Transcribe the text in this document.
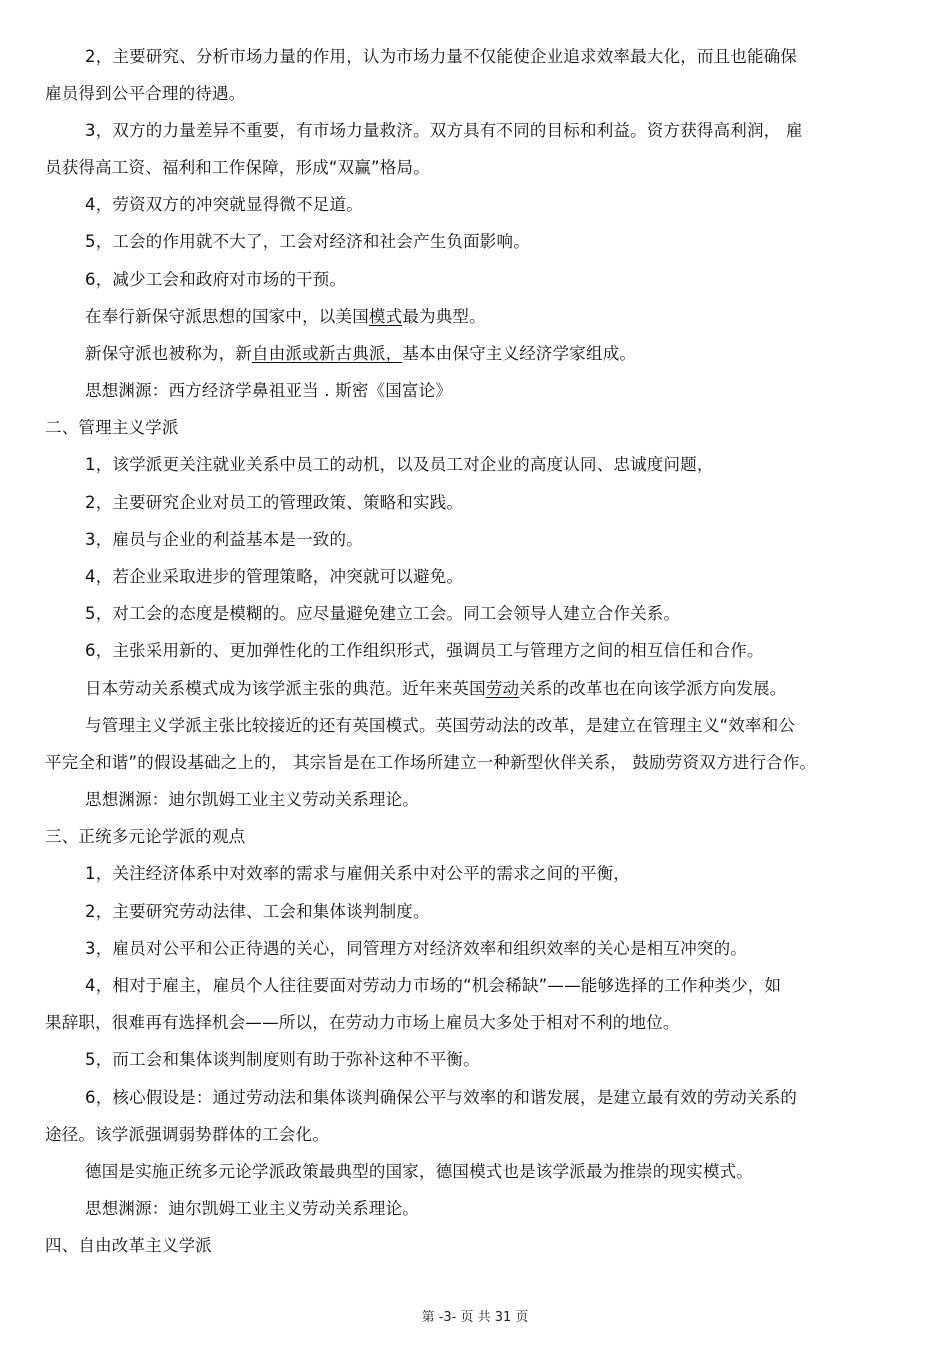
2，主要研究、分析市场力量的作用，认为市场力量不仅能使企业追求效率最大化，而且也能确保
雇员得到公平合理的待遇。
3，双方的力量差异不重要，有市场力量救济。双方具有不同的目标和利益。资方获得高利润， 雇
员获得高工资、福利和工作保障，形成“双赢”格局。
4，劳资双方的冲突就显得微不足道。
5，工会的作用就不大了，工会对经济和社会产生负面影响。
6，减少工会和政府对市场的干预。
在奉行新保守派思想的国家中，以美国模式最为典型。
新保守派也被称为，新自由派或新古典派，基本由保守主义经济学家组成。
思想渊源：西方经济学鼻祖亚当 . 斯密《国富论》
二、管理主义学派
1，该学派更关注就业关系中员工的动机，以及员工对企业的高度认同、忠诚度问题，
2，主要研究企业对员工的管理政策、策略和实践。
3，雇员与企业的利益基本是一致的。
4，若企业采取进步的管理策略，冲突就可以避免。
5，对工会的态度是模糊的。应尽量避免建立工会。同工会领导人建立合作关系。
6，主张采用新的、更加弹性化的工作组织形式，强调员工与管理方之间的相互信任和合作。
日本劳动关系模式成为该学派主张的典范。近年来英国劳动关系的改革也在向该学派方向发展。
与管理主义学派主张比较接近的还有英国模式。英国劳动法的改革，是建立在管理主义“效率和公
平完全和谐”的假设基础之上的， 其宗旨是在工作场所建立一种新型伙伴关系， 鼓励劳资双方进行合作。
思想渊源：迪尔凯姆工业主义劳动关系理论。
三、正统多元论学派的观点
1，关注经济体系中对效率的需求与雇佣关系中对公平的需求之间的平衡，
2，主要研究劳动法律、工会和集体谈判制度。
3，雇员对公平和公正待遇的关心，同管理方对经济效率和组织效率的关心是相互冲突的。
4，相对于雇主，雇员个人往往要面对劳动力市场的“机会稀缺”——能够选择的工作种类少，如
果辞职，很难再有选择机会——所以，在劳动力市场上雇员大多处于相对不利的地位。
5，而工会和集体谈判制度则有助于弥补这种不平衡。
6，核心假设是：通过劳动法和集体谈判确保公平与效率的和谐发展，是建立最有效的劳动关系的
途径。该学派强调弱势群体的工会化。
德国是实施正统多元论学派政策最典型的国家，德国模式也是该学派最为推崇的现实模式。
思想渊源：迪尔凯姆工业主义劳动关系理论。
四、自由改革主义学派
第 -3- 页 共 31 页
